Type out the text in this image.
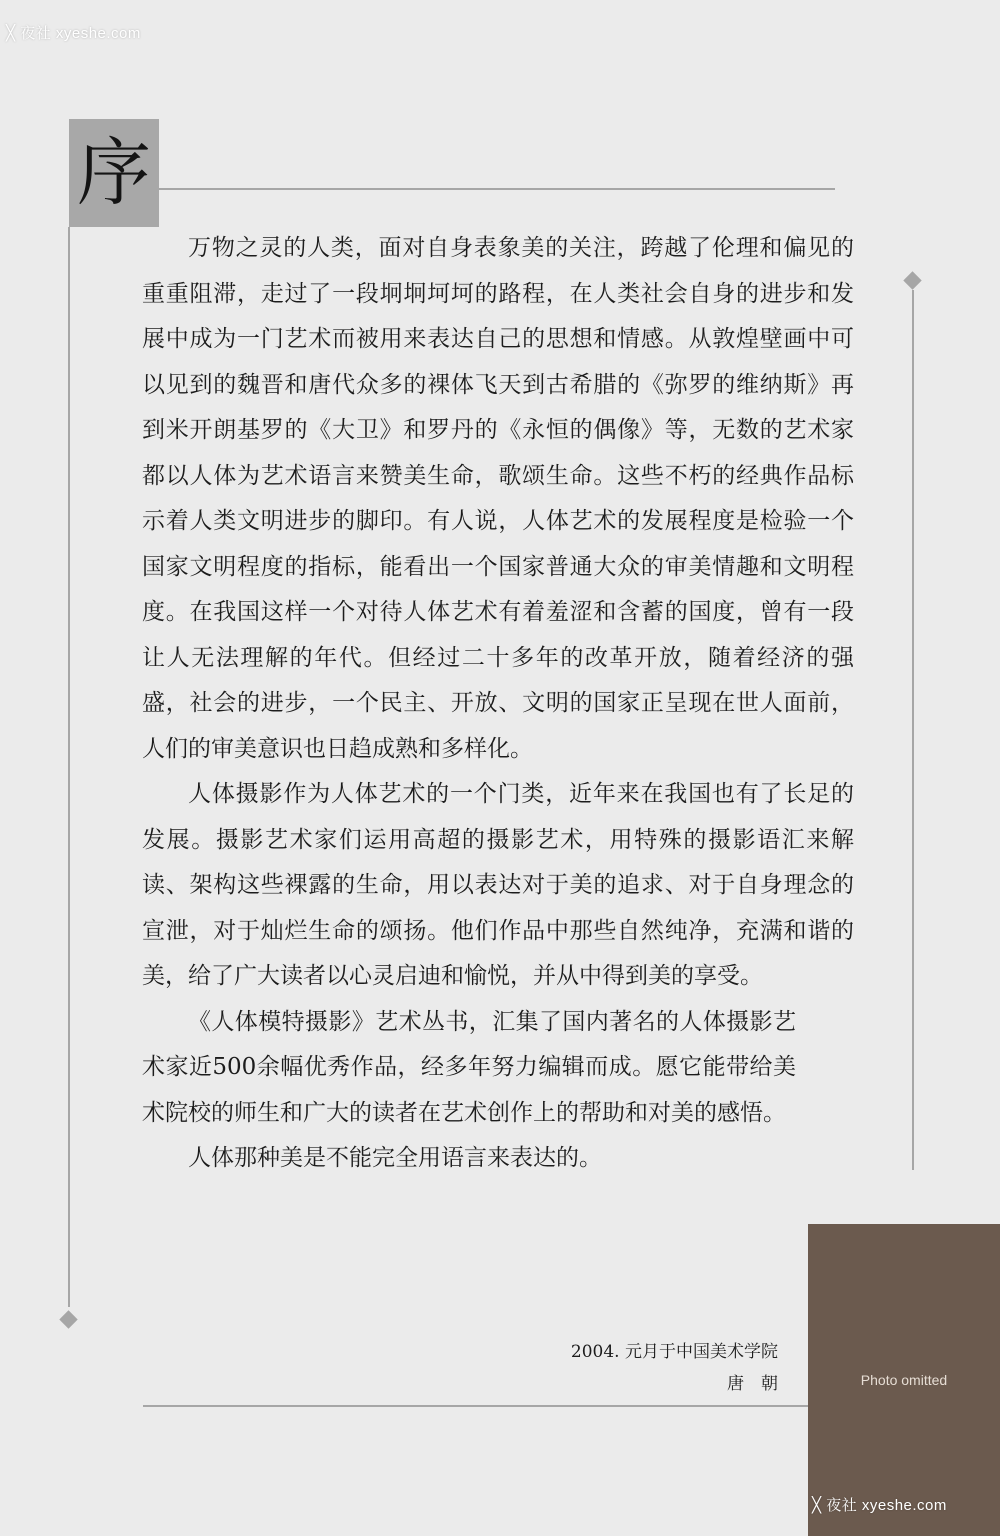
╳ 夜社 xyeshe.com
序

万物之灵的人类，面对自身表象美的关注，跨越了伦理和偏见的重重阻滞，走过了一段坰坰坷坷的路程，在人类社会自身的进步和发展中成为一门艺术而被用来表达自己的思想和情感。从敦煌壁画中可以见到的魏晋和唐代众多的裸体飞天到古希腊的《弥罗的维纳斯》再到米开朗基罗的《大卫》和罗丹的《永恒的偶像》等，无数的艺术家都以人体为艺术语言来赞美生命，歌颂生命。这些不朽的经典作品标示着人类文明进步的脚印。有人说，人体艺术的发展程度是检验一个国家文明程度的指标，能看出一个国家普通大众的审美情趣和文明程度。在我国这样一个对待人体艺术有着羞涩和含蓄的国度，曾有一段让人无法理解的年代。但经过二十多年的改革开放，随着经济的强盛，社会的进步，一个民主、开放、文明的国家正呈现在世人面前，人们的审美意识也日趋成熟和多样化。

人体摄影作为人体艺术的一个门类，近年来在我国也有了长足的发展。摄影艺术家们运用高超的摄影艺术，用特殊的摄影语汇来解读、架构这些裸露的生命，用以表达对于美的追求、对于自身理念的宣泄，对于灿烂生命的颂扬。他们作品中那些自然纯净，充满和谐的美，给了广大读者以心灵启迪和愉悦，并从中得到美的享受。

《人体模特摄影》艺术丛书，汇集了国内著名的人体摄影艺术家近500余幅优秀作品，经多年努力编辑而成。愿它能带给美术院校的师生和广大的读者在艺术创作上的帮助和对美的感悟。

人体那种美是不能完全用语言来表达的。

2004. 元月于中国美术学院
唐　朝	Photo omitted
╳ 夜社 xyeshe.com
